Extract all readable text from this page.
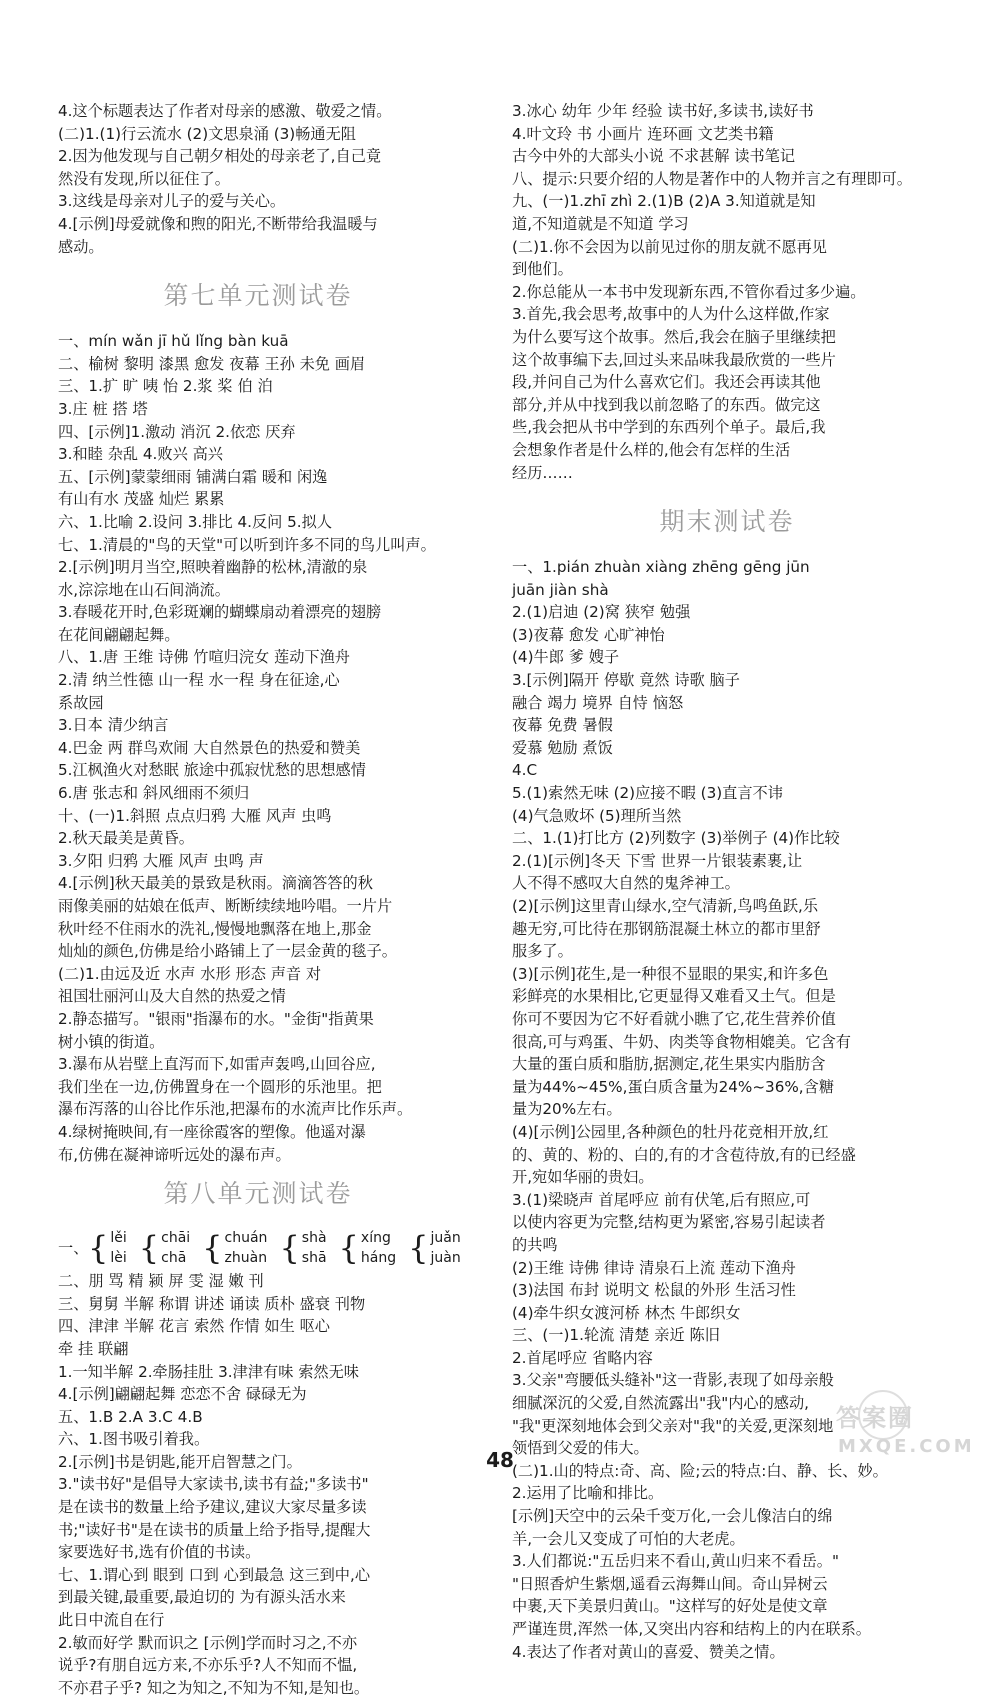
4.这个标题表达了作者对母亲的感激、敬爱之情。
(二)1.(1)行云流水 (2)文思泉涌 (3)畅通无阻
2.因为他发现与自己朝夕相处的母亲老了,自己竟
然没有发现,所以征住了。
3.这线是母亲对儿子的爱与关心。
4.[示例]母爱就像和煦的阳光,不断带给我温暖与
感动。
第七单元测试卷
一、mín wǎn jī hǔ lǐng bàn kuā
二、榆树 黎明 漆黑 愈发 夜幕 王孙 未免 画眉
三、1.扩 旷 咦 怡 2.浆 桨 伯 泊
3.庄 桩 搭 塔
四、[示例]1.激动 消沉 2.依恋 厌弃
3.和睦 杂乱 4.败兴 高兴
五、[示例]蒙蒙细雨 铺满白霜 暖和 闲逸
有山有水 茂盛 灿烂 累累
六、1.比喻 2.设问 3.排比 4.反问 5.拟人
七、1.清晨的"鸟的天堂"可以听到许多不同的鸟儿叫声。
2.[示例]明月当空,照映着幽静的松林,清澈的泉
水,淙淙地在山石间淌流。
3.春暖花开时,色彩斑斓的蝴蝶扇动着漂亮的翅膀
在花间翩翩起舞。
八、1.唐 王维 诗佛 竹喧归浣女 莲动下渔舟
2.清 纳兰性德 山一程 水一程 身在征途,心
系故园
3.日本 清少纳言
4.巴金 两 群鸟欢闹 大自然景色的热爱和赞美
5.江枫渔火对愁眠 旅途中孤寂忧愁的思想感情
6.唐 张志和 斜风细雨不须归
十、(一)1.斜照 点点归鸦 大雁 风声 虫鸣
2.秋天最美是黄昏。
3.夕阳 归鸦 大雁 风声 虫鸣 声
4.[示例]秋天最美的景致是秋雨。滴滴答答的秋
雨像美丽的姑娘在低声、断断续续地吟唱。一片片
秋叶经不住雨水的洗礼,慢慢地飘落在地上,那金
灿灿的颜色,仿佛是给小路铺上了一层金黄的毯子。
(二)1.由远及近 水声 水形 形态 声音 对
祖国壮丽河山及大自然的热爱之情
2.静态描写。"银雨"指瀑布的水。"金街"指黄果
树小镇的街道。
3.瀑布从岩壁上直泻而下,如雷声轰鸣,山回谷应,
我们坐在一边,仿佛置身在一个圆形的乐池里。把
瀑布泻落的山谷比作乐池,把瀑布的水流声比作乐声。
4.绿树掩映间,有一座徐霞客的塑像。他遥对瀑
布,仿佛在凝神谛听远处的瀑布声。
第八单元测试卷
一、 { lěi
lèi { chāi
chā { chuán
zhuàn { shà
shā { xíng
háng { juǎn
juàn
二、朋 骂 精 颍 屏 雯 湿 嫩 刊
三、舅舅 半解 称谓 讲述 诵读 质朴 盛衰 刊物
四、津津 半解 花言 索然 作情 如生 呕心
牵 挂 联翩
1.一知半解 2.牵肠挂肚 3.津津有味 索然无味
4.[示例]翩翩起舞 恋恋不舍 碌碌无为
五、1.B 2.A 3.C 4.B
六、1.图书吸引着我。
2.[示例]书是钥匙,能开启智慧之门。
3."读书好"是倡导大家读书,读书有益;"多读书"
是在读书的数量上给予建议,建议大家尽量多读
书;"读好书"是在读书的质量上给予指导,提醒大
家要选好书,选有价值的书读。
七、1.谓心到 眼到 口到 心到最急 这三到中,心
到最关键,最重要,最迫切的 为有源头活水来
此日中流自在行
2.敏而好学 默而识之 [示例]学而时习之,不亦
说乎?有朋自远方来,不亦乐乎?人不知而不愠,
不亦君子乎? 知之为知之,不知为不知,是知也。
3.冰心 幼年 少年 经验 读书好,多读书,读好书
4.叶文玲 书 小画片 连环画 文艺类书籍
古今中外的大部头小说 不求甚解 读书笔记
八、提示:只要介绍的人物是著作中的人物并言之有理即可。
九、(一)1.zhī zhì 2.(1)B (2)A 3.知道就是知
道,不知道就是不知道 学习
(二)1.你不会因为以前见过你的朋友就不愿再见
到他们。
2.你总能从一本书中发现新东西,不管你看过多少遍。
3.首先,我会思考,故事中的人为什么这样做,作家
为什么要写这个故事。然后,我会在脑子里继续把
这个故事编下去,回过头来品味我最欣赏的一些片
段,并问自己为什么喜欢它们。我还会再读其他
部分,并从中找到我以前忽略了的东西。做完这
些,我会把从书中学到的东西列个单子。最后,我
会想象作者是什么样的,他会有怎样的生活
经历……
期末测试卷
一、1.pián zhuàn xiàng zhēng gēng jūn
juān jiàn shà
2.(1)启迪 (2)窝 狭窄 勉强
(3)夜幕 愈发 心旷神怡
(4)牛郎 爹 嫂子
3.[示例]隔开 停歇 竟然 诗歌 脑子
融合 竭力 境界 自恃 恼怒
夜幕 免费 暑假
爱慕 勉励 煮饭
4.C
5.(1)索然无味 (2)应接不暇 (3)直言不讳
(4)气急败坏 (5)理所当然
二、1.(1)打比方 (2)列数字 (3)举例子 (4)作比较
2.(1)[示例]冬天 下雪 世界一片银装素裹,让
人不得不感叹大自然的鬼斧神工。
(2)[示例]这里青山绿水,空气清新,鸟鸣鱼跃,乐
趣无穷,可比待在那钢筋混凝土林立的都市里舒
服多了。
(3)[示例]花生,是一种很不显眼的果实,和许多色
彩鲜亮的水果相比,它更显得又难看又土气。但是
你可不要因为它不好看就小瞧了它,花生营养价值
很高,可与鸡蛋、牛奶、肉类等食物相媲美。它含有
大量的蛋白质和脂肪,据测定,花生果实内脂肪含
量为44%~45%,蛋白质含量为24%~36%,含糖
量为20%左右。
(4)[示例]公园里,各种颜色的牡丹花竞相开放,红
的、黄的、粉的、白的,有的才含苞待放,有的已经盛
开,宛如华丽的贵妇。
3.(1)梁晓声 首尾呼应 前有伏笔,后有照应,可
以使内容更为完整,结构更为紧密,容易引起读者
的共鸣
(2)王维 诗佛 律诗 清泉石上流 莲动下渔舟
(3)法国 布封 说明文 松鼠的外形 生活习性
(4)牵牛织女渡河桥 林杰 牛郎织女
三、(一)1.轮流 清楚 亲近 陈旧
2.首尾呼应 省略内容
3.父亲"弯腰低头缝补"这一背影,表现了如母亲般
细腻深沉的父爱,自然流露出"我"内心的感动,
"我"更深刻地体会到父亲对"我"的关爱,更深刻地
领悟到父爱的伟大。
(二)1.山的特点:奇、高、险;云的特点:白、静、长、妙。
2.运用了比喻和排比。
[示例]天空中的云朵千变万化,一会儿像洁白的绵
羊,一会儿又变成了可怕的大老虎。
3.人们都说:"五岳归来不看山,黄山归来不看岳。"
"日照香炉生紫烟,遥看云海舞山间。奇山异树云
中裹,天下美景归黄山。"这样写的好处是使文章
严谨连贯,浑然一体,又突出内容和结构上的内在联系。
4.表达了作者对黄山的喜爱、赞美之情。
48
答案圈
MXQE.COM
